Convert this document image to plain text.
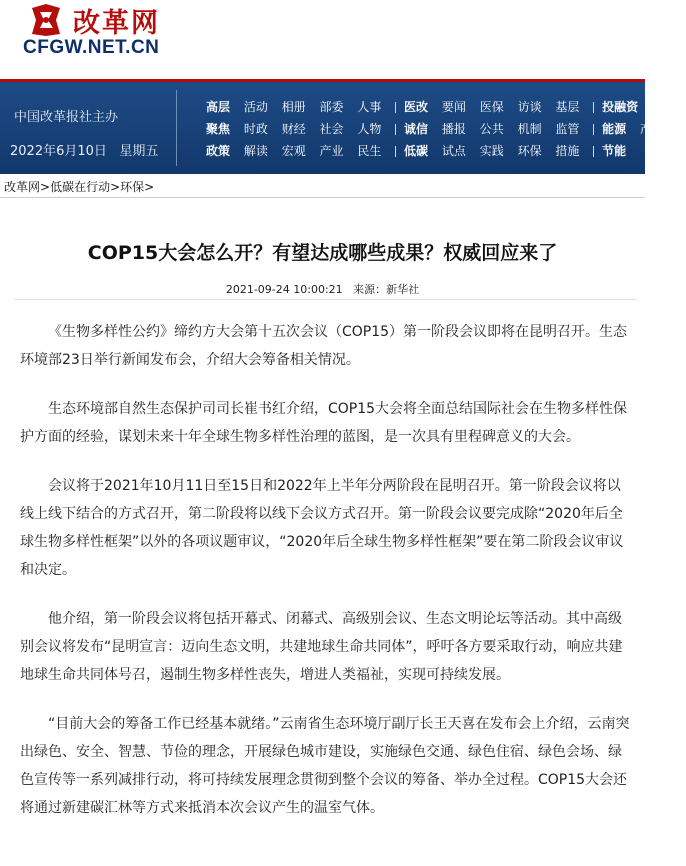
改革网
CFGW.NET.CN
中国改革报社主办
2022年6月10日 星期五
高层 活动 相册 部委 人事 医改 要闻 医保 访谈 基层 投融资 产业
聚焦 时政 财经 社会 人物 诚信 播报 公共 机制 监管 能源 产业
政策 解读 宏观 产业 民生 低碳 试点 实践 环保 措施 节能
改革网>低碳在行动>环保>
COP15大会怎么开？有望达成哪些成果？权威回应来了
2021-09-24 10:00:21 来源：新华社

《生物多样性公约》缔约方大会第十五次会议（COP15）第一阶段会议即将在昆明召开。生态环境部23日举行新闻发布会，介绍大会筹备相关情况。

生态环境部自然生态保护司司长崔书红介绍，COP15大会将全面总结国际社会在生物多样性保护方面的经验，谋划未来十年全球生物多样性治理的蓝图，是一次具有里程碑意义的大会。

会议将于2021年10月11日至15日和2022年上半年分两阶段在昆明召开。第一阶段会议将以线上线下结合的方式召开，第二阶段将以线下会议方式召开。第一阶段会议要完成除“2020年后全球生物多样性框架”以外的各项议题审议，“2020年后全球生物多样性框架”要在第二阶段会议审议和决定。

他介绍，第一阶段会议将包括开幕式、闭幕式、高级别会议、生态文明论坛等活动。其中高级别会议将发布“昆明宣言：迈向生态文明，共建地球生命共同体”，呼吁各方要采取行动，响应共建地球生命共同体号召，遏制生物多样性丧失，增进人类福祉，实现可持续发展。

“目前大会的筹备工作已经基本就绪。”云南省生态环境厅副厅长王天喜在发布会上介绍，云南突出绿色、安全、智慧、节俭的理念，开展绿色城市建设，实施绿色交通、绿色住宿、绿色会场、绿色宣传等一系列减排行动，将可持续发展理念贯彻到整个会议的筹备、举办全过程。COP15大会还将通过新建碳汇林等方式来抵消本次会议产生的温室气体。
